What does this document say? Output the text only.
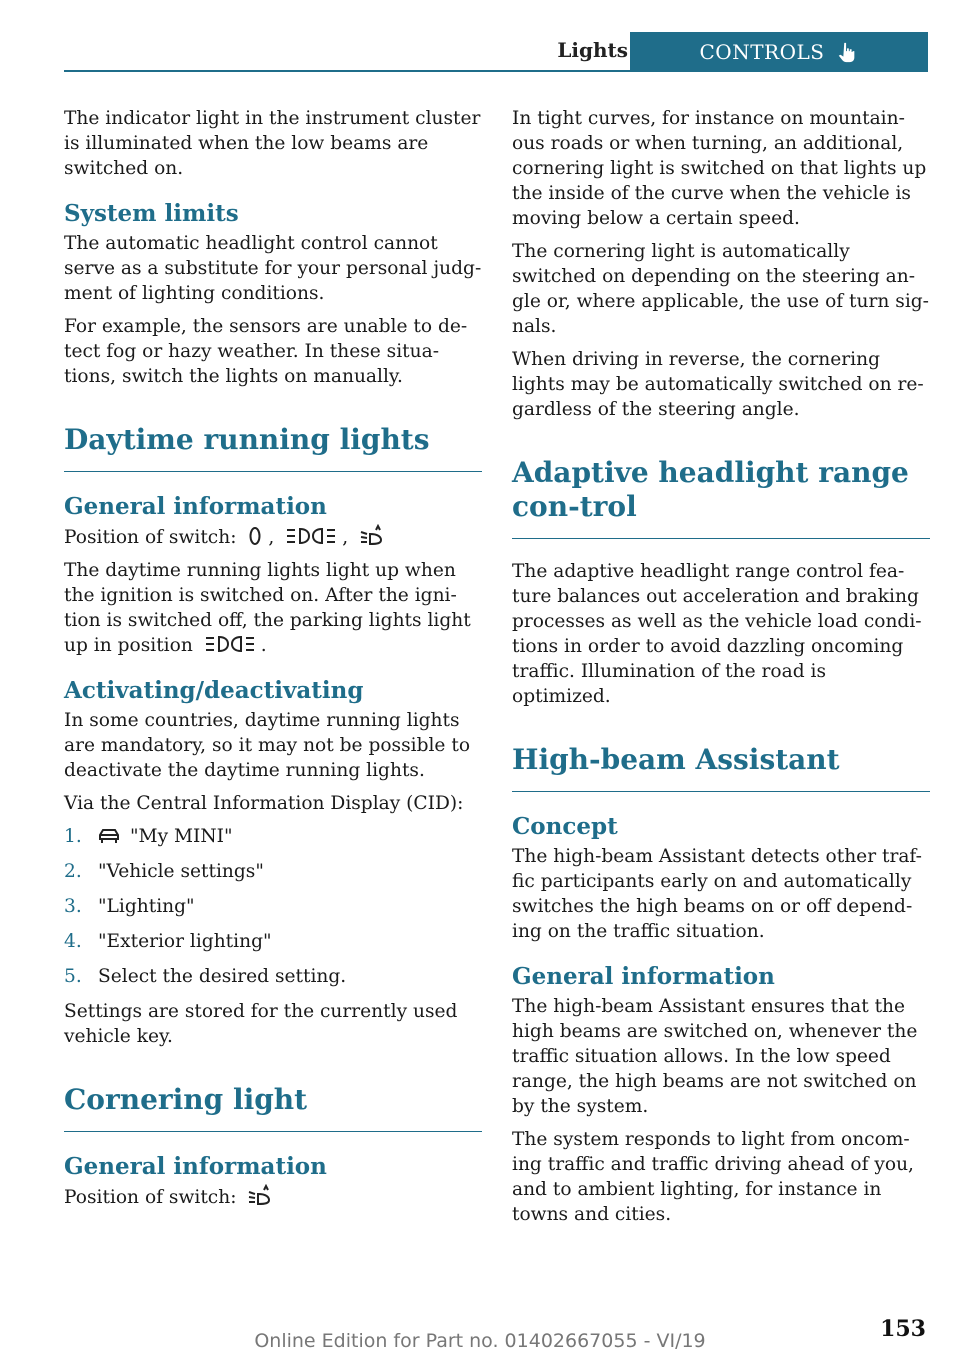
Lights	CONTROLS

The indicator light in the instrument cluster is illuminated when the low beams are switched on.

System limits

The automatic headlight control cannot serve as a substitute for your personal judg-ment of lighting conditions.

For example, the sensors are unable to de-tect fog or hazy weather. In these situa-tions, switch the lights on manually.

Daytime running lights
General information

Position of switch: ,	,

The daytime running lights light up when the ignition is switched on. After the igni-tion is switched off, the parking lights light up in position	.

Activating/deactivating

In some countries, daytime running lights are mandatory, so it may not be possible to deactivate the daytime running lights.

Via the Central Information Display (CID):

1.	"My MINI"
2. "Vehicle settings"
3. "Lighting"
4. "Exterior lighting"
5. Select the desired setting.

Settings are stored for the currently used vehicle key.

Cornering light
General information

Position of switch:

In tight curves, for instance on mountain-ous roads or when turning, an additional, cornering light is switched on that lights up the inside of the curve when the vehicle is moving below a certain speed.

The cornering light is automatically switched on depending on the steering an-gle or, where applicable, the use of turn sig-nals.

When driving in reverse, the cornering lights may be automatically switched on re-gardless of the steering angle.

Adaptive headlight range con-trol

The adaptive headlight range control fea-ture balances out acceleration and braking processes as well as the vehicle load condi-tions in order to avoid dazzling oncoming traffic. Illumination of the road is optimized.

High-beam Assistant
Concept

The high-beam Assistant detects other traf-fic participants early on and automatically switches the high beams on or off depend-ing on the traffic situation.

General information

The high-beam Assistant ensures that the high beams are switched on, whenever the traffic situation allows. In the low speed range, the high beams are not switched on by the system.

The system responds to light from oncom-ing traffic and traffic driving ahead of you, and to ambient lighting, for instance in towns and cities.

153
Online Edition for Part no. 01402667055 - VI/19
